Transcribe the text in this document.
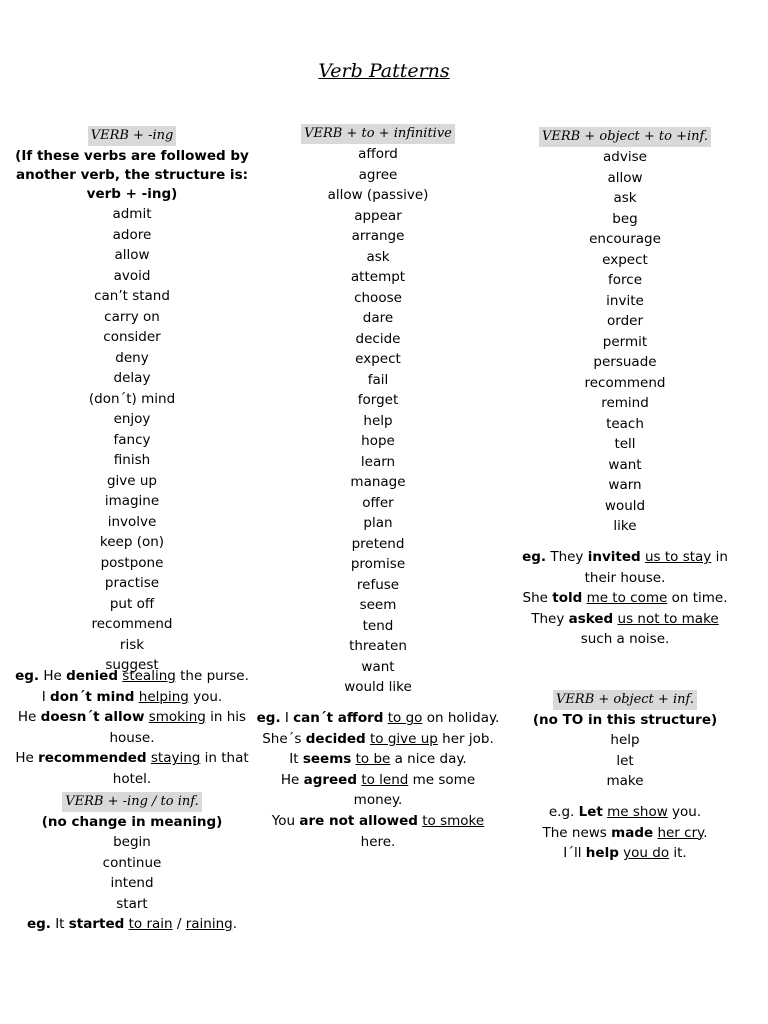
Verb Patterns
VERB + -ing
(If these verbs are followed by another verb, the structure is: verb + -ing)
admit
adore
allow
avoid
can’t stand
carry on
consider
deny
delay
(don´t) mind
enjoy
fancy
finish
give up
imagine
involve
keep (on)
postpone
practise
put off
recommend
risk
suggest
eg. He denied stealing the purse.
I don´t mind helping you.
He doesn´t allow smoking in his house.
He recommended staying in that hotel.
VERB + -ing / to inf.
(no change in meaning)
begin
continue
intend
start
eg. It started to rain / raining.
VERB + to + infinitive
afford
agree
allow (passive)
appear
arrange
ask
attempt
choose
dare
decide
expect
fail
forget
help
hope
learn
manage
offer
plan
pretend
promise
refuse
seem
tend
threaten
want
would like
eg. I can´t afford to go on holiday.
She´s decided to give up her job.
It seems to be a nice day.
He agreed to lend me some money.
You are not allowed to smoke here.
VERB + object + to +inf.
advise
allow
ask
beg
encourage
expect
force
invite
order
permit
persuade
recommend
remind
teach
tell
want
warn
would
like
eg. They invited us to stay in their house.
She told me to come on time.
They asked us not to make such a noise.
VERB + object + inf.
(no TO in this structure)
help
let
make
e.g. Let me show you.
The news made her cry.
I´ll help you do it.
